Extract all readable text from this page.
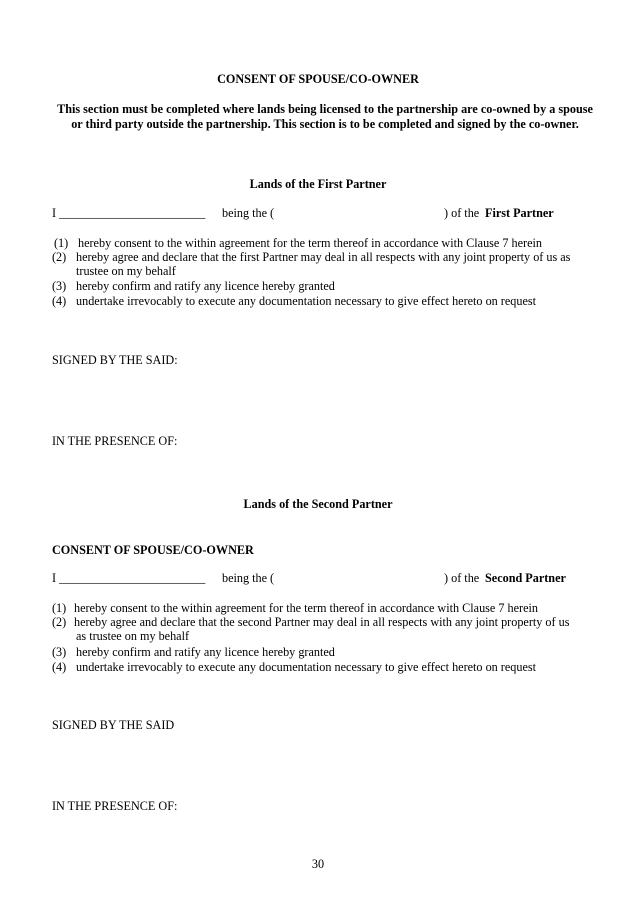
CONSENT OF SPOUSE/CO-OWNER
This section must be completed where lands being licensed to the partnership are co-owned by a spouse or third party outside the partnership. This section is to be completed and signed by the co-owner.
Lands of the First Partner
I ________________________ being the (	) of the First Partner
(1) hereby consent to the within agreement for the term thereof in accordance with Clause 7 herein
(2) hereby agree and declare that the first Partner may deal in all respects with any joint property of us as
trustee on my behalf
(3) hereby confirm and ratify any licence hereby granted
(4) undertake irrevocably to execute any documentation necessary to give effect hereto on request
SIGNED BY THE SAID:
IN THE PRESENCE OF:
Lands of the Second Partner
CONSENT OF SPOUSE/CO-OWNER
I ________________________ being the (	) of the Second Partner
(1) hereby consent to the within agreement for the term thereof in accordance with Clause 7 herein
(2) hereby agree and declare that the second Partner may deal in all respects with any joint property of us
as trustee on my behalf
(3) hereby confirm and ratify any licence hereby granted
(4) undertake irrevocably to execute any documentation necessary to give effect hereto on request
SIGNED BY THE SAID
IN THE PRESENCE OF:
30
